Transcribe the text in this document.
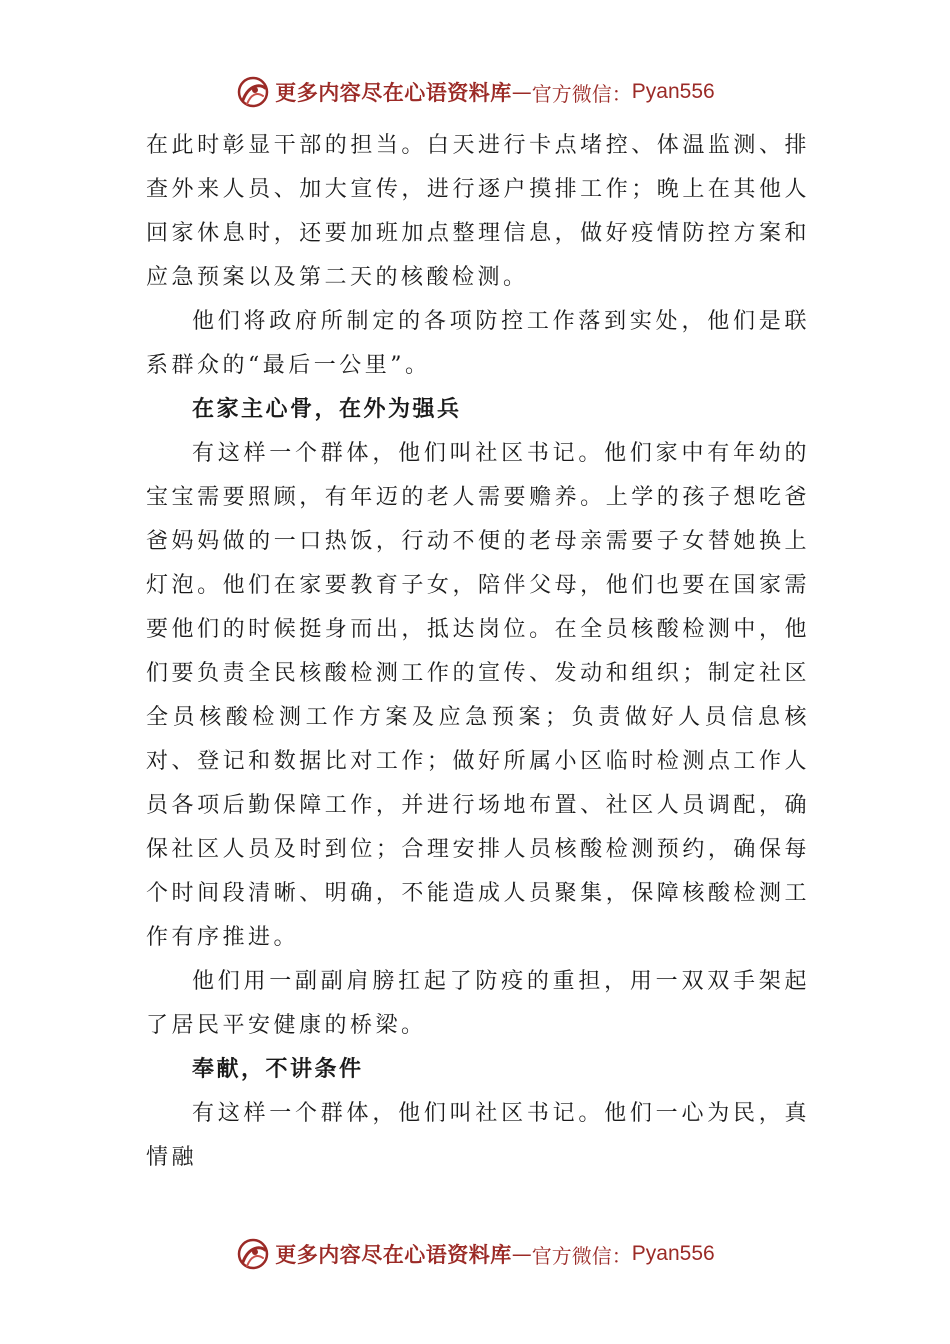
更多内容尽在心语资料库 — 官方微信： Pyan556

在此时彰显干部的担当。白天进行卡点堵控、体温监测、排查外来人员、加大宣传，进行逐户摸排工作；晚上在其他人回家休息时，还要加班加点整理信息，做好疫情防控方案和应急预案以及第二天的核酸检测。

他们将政府所制定的各项防控工作落到实处，他们是联系群众的“最后一公里”。

在家主心骨，在外为强兵

有这样一个群体，他们叫社区书记。他们家中有年幼的宝宝需要照顾，有年迈的老人需要赡养。上学的孩子想吃爸爸妈妈做的一口热饭，行动不便的老母亲需要子女替她换上灯泡。他们在家要教育子女，陪伴父母，他们也要在国家需要他们的时候挺身而出，抵达岗位。在全员核酸检测中，他们要负责全民核酸检测工作的宣传、发动和组织；制定社区全员核酸检测工作方案及应急预案；负责做好人员信息核对、登记和数据比对工作；做好所属小区临时检测点工作人员各项后勤保障工作，并进行场地布置、社区人员调配，确保社区人员及时到位；合理安排人员核酸检测预约，确保每个时间段清晰、明确，不能造成人员聚集，保障核酸检测工作有序推进。

他们用一副副肩膀扛起了防疫的重担，用一双双手架起了居民平安健康的桥梁。

奉献，不讲条件

有这样一个群体，他们叫社区书记。他们一心为民，真情融

更多内容尽在心语资料库 — 官方微信： Pyan556
